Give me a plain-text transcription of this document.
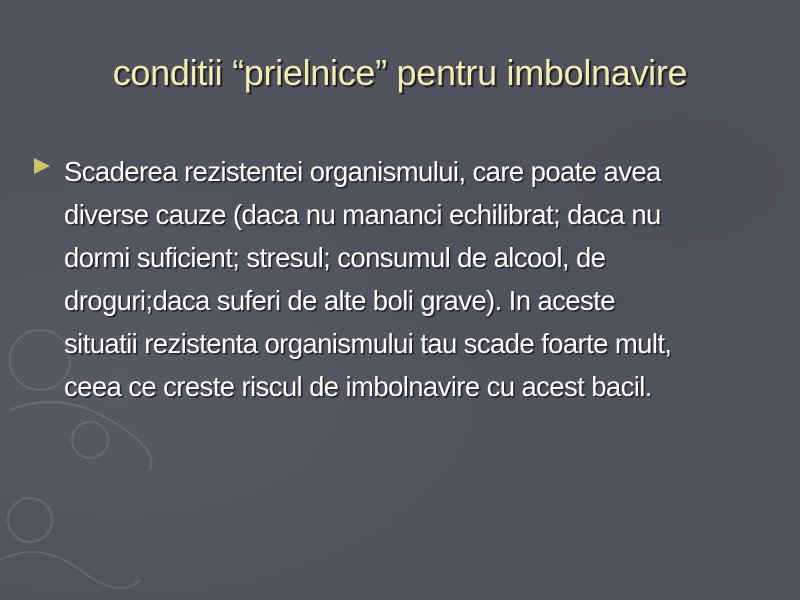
conditii “prielnice” pentru imbolnavire
Scaderea rezistentei organismului, care poate avea
diverse cauze (daca nu mananci echilibrat; daca nu
dormi suficient; stresul; consumul de alcool, de
droguri;daca suferi de alte boli grave). In aceste
situatii rezistenta organismului tau scade foarte mult,
ceea ce creste riscul de imbolnavire cu acest bacil.
